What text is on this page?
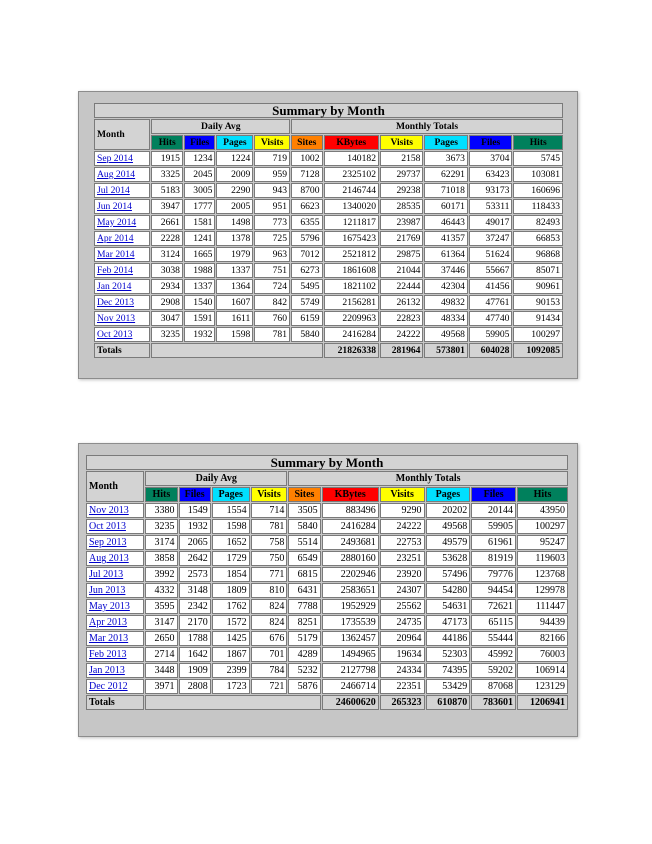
Summary by Month										
Month	Daily Avg				Monthly Totals					
	Hits	Files	Pages	Visits	Sites	KBytes	Visits	Pages	Files	Hits
Sep 2014	1915	1234	1224	719	1002	140182	2158	3673	3704	5745
Aug 2014	3325	2045	2009	959	7128	2325102	29737	62291	63423	103081
Jul 2014	5183	3005	2290	943	8700	2146744	29238	71018	93173	160696
Jun 2014	3947	1777	2005	951	6623	1340020	28535	60171	53311	118433
May 2014	2661	1581	1498	773	6355	1211817	23987	46443	49017	82493
Apr 2014	2228	1241	1378	725	5796	1675423	21769	41357	37247	66853
Mar 2014	3124	1665	1979	963	7012	2521812	29875	61364	51624	96868
Feb 2014	3038	1988	1337	751	6273	1861608	21044	37446	55667	85071
Jan 2014	2934	1337	1364	724	5495	1821102	22444	42304	41456	90961
Dec 2013	2908	1540	1607	842	5749	2156281	26132	49832	47761	90153
Nov 2013	3047	1591	1611	760	6159	2209963	22823	48334	47740	91434
Oct 2013	3235	1932	1598	781	5840	2416284	24222	49568	59905	100297
Totals						21826338	281964	573801	604028	1092085
Summary by Month										
Month	Daily Avg				Monthly Totals					
	Hits	Files	Pages	Visits	Sites	KBytes	Visits	Pages	Files	Hits
Nov 2013	3380	1549	1554	714	3505	883496	9290	20202	20144	43950
Oct 2013	3235	1932	1598	781	5840	2416284	24222	49568	59905	100297
Sep 2013	3174	2065	1652	758	5514	2493681	22753	49579	61961	95247
Aug 2013	3858	2642	1729	750	6549	2880160	23251	53628	81919	119603
Jul 2013	3992	2573	1854	771	6815	2202946	23920	57496	79776	123768
Jun 2013	4332	3148	1809	810	6431	2583651	24307	54280	94454	129978
May 2013	3595	2342	1762	824	7788	1952929	25562	54631	72621	111447
Apr 2013	3147	2170	1572	824	8251	1735539	24735	47173	65115	94439
Mar 2013	2650	1788	1425	676	5179	1362457	20964	44186	55444	82166
Feb 2013	2714	1642	1867	701	4289	1494965	19634	52303	45992	76003
Jan 2013	3448	1909	2399	784	5232	2127798	24334	74395	59202	106914
Dec 2012	3971	2808	1723	721	5876	2466714	22351	53429	87068	123129
Totals						24600620	265323	610870	783601	1206941
